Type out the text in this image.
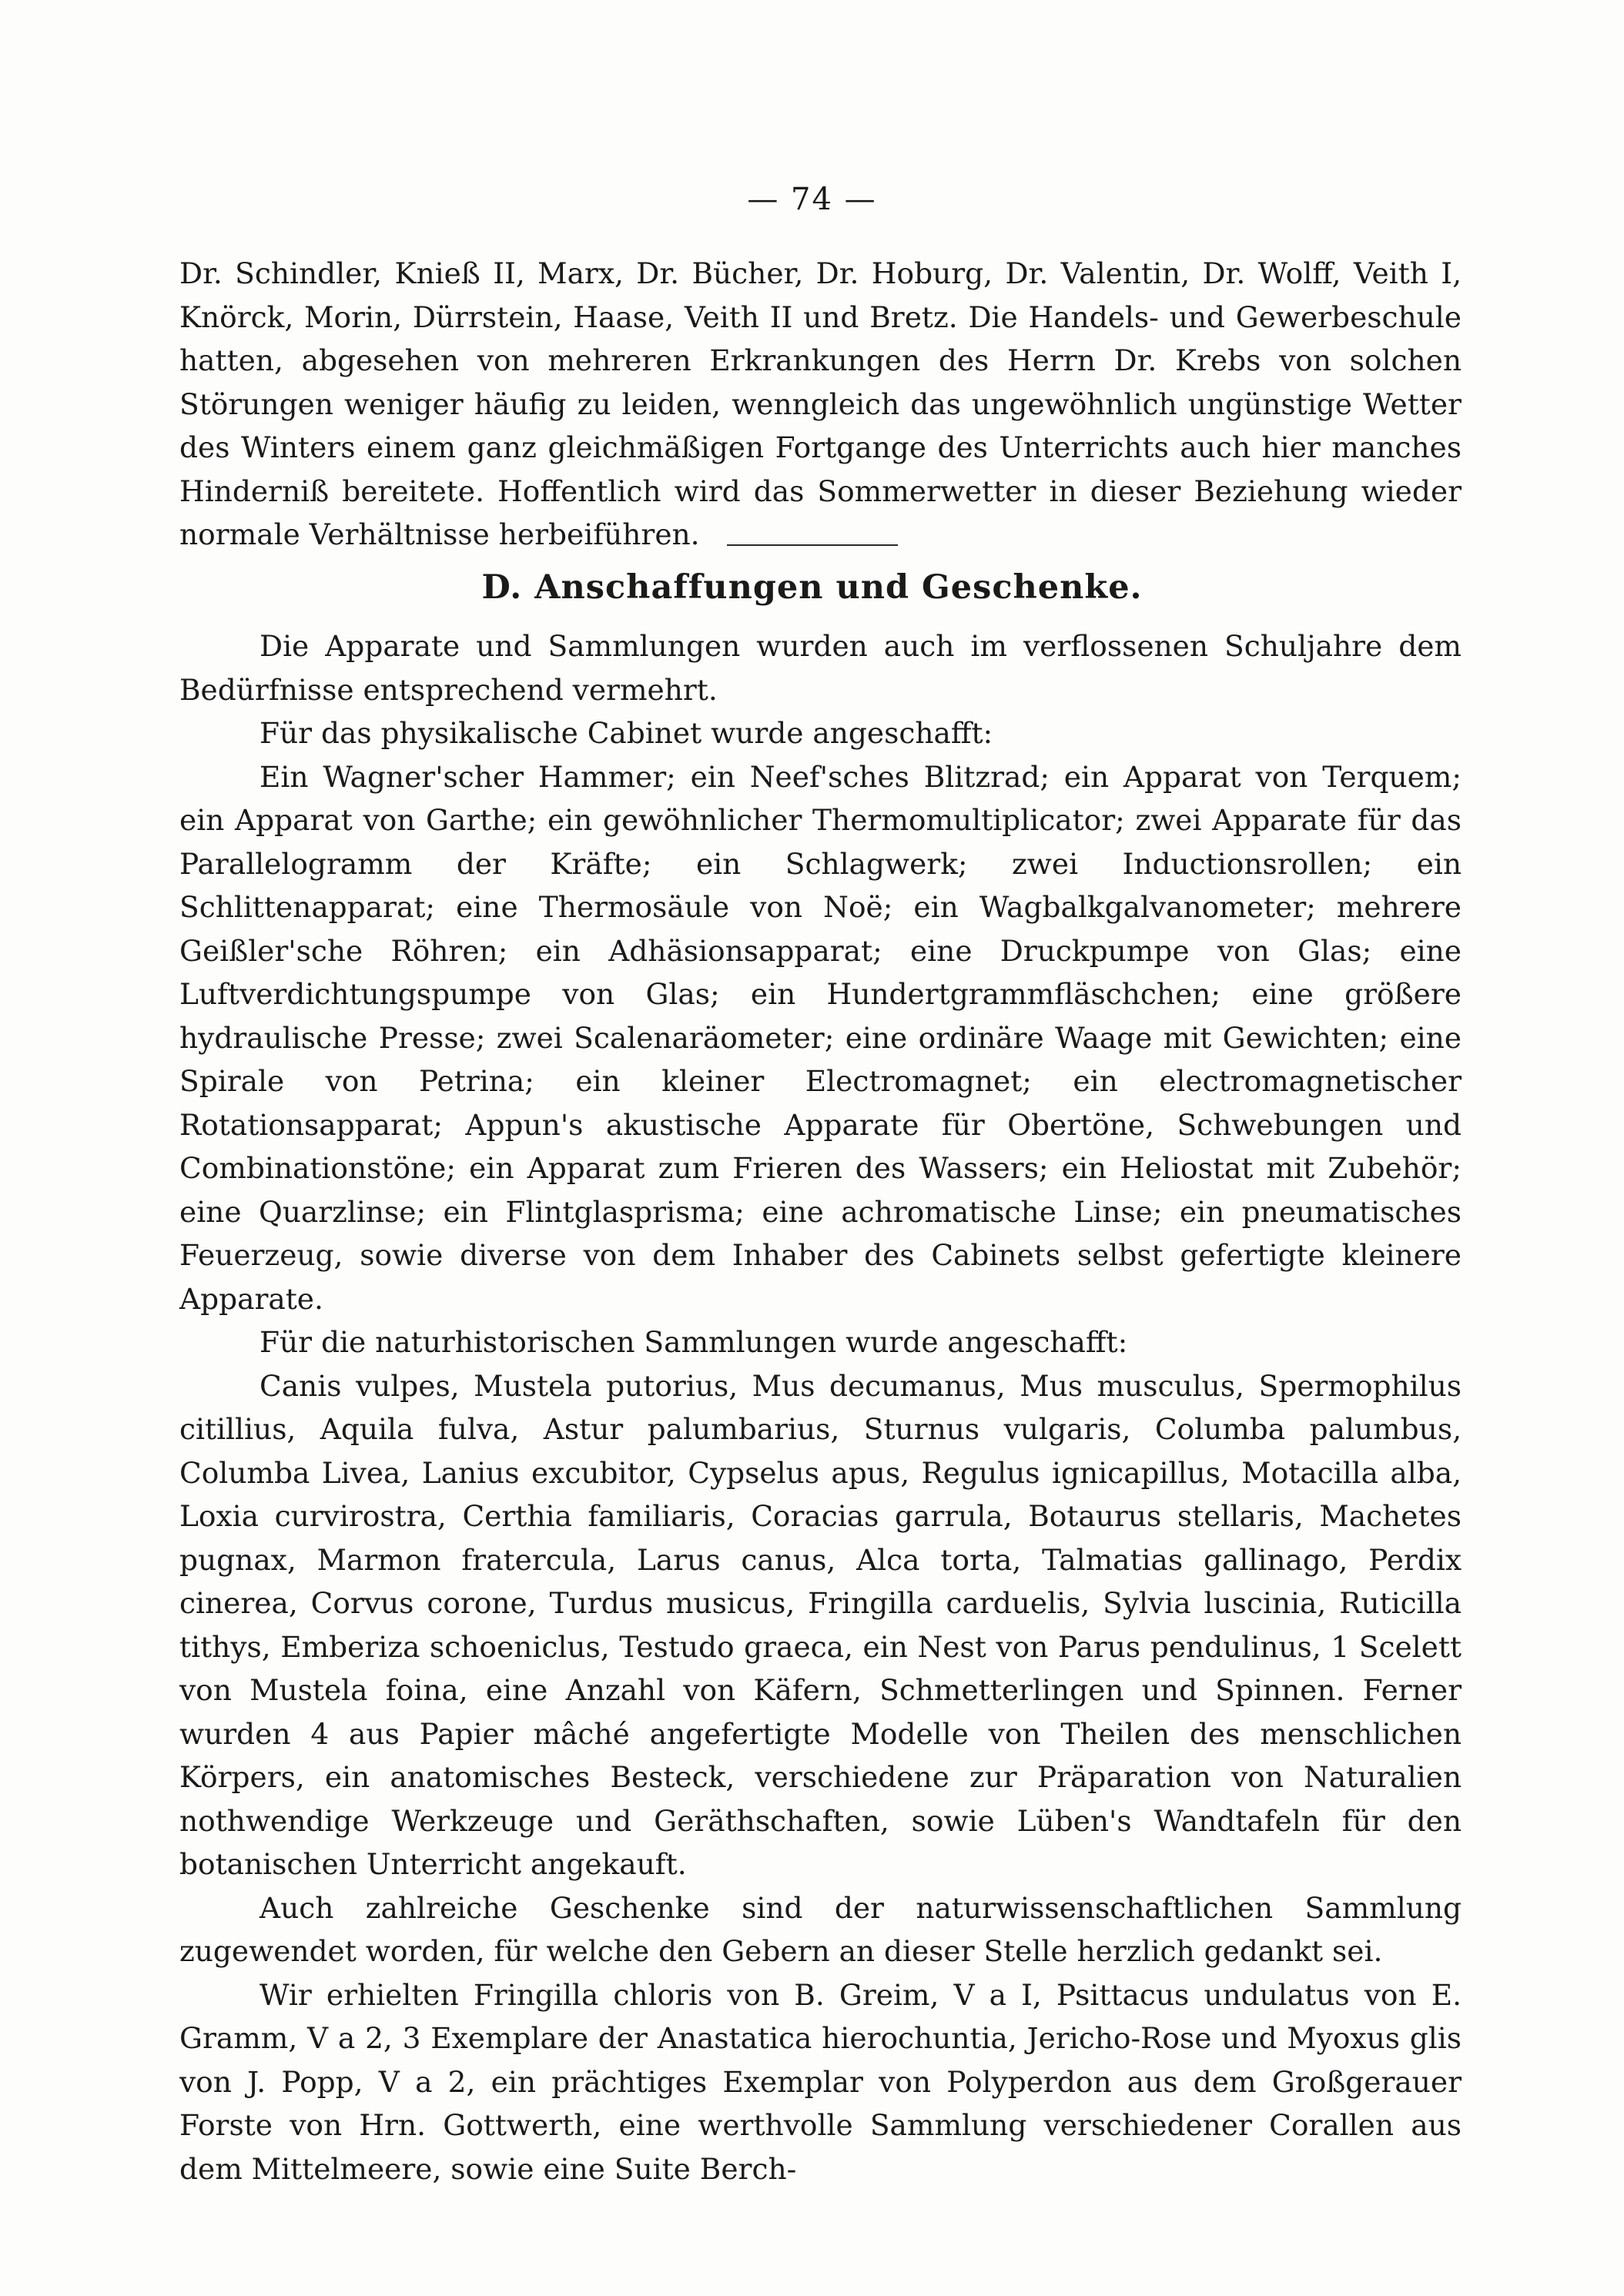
— 74 —

Dr. Schindler, Knieß II, Marx, Dr. Bücher, Dr. Hoburg, Dr. Valentin, Dr. Wolff, Veith I, Knörck, Morin, Dürrstein, Haase, Veith II und Bretz. Die Handels- und Gewerbeschule hatten, abgesehen von mehreren Erkrankungen des Herrn Dr. Krebs von solchen Störungen weniger häufig zu leiden, wenngleich das ungewöhnlich ungünstige Wetter des Winters einem ganz gleichmäßigen Fortgange des Unterrichts auch hier manches Hinderniß bereitete. Hoffentlich wird das Sommerwetter in dieser Beziehung wieder normale Verhältnisse herbeiführen.

D. Anschaffungen und Geschenke.

Die Apparate und Sammlungen wurden auch im verflossenen Schuljahre dem Bedürfnisse entsprechend vermehrt.

Für das physikalische Cabinet wurde angeschafft:

Ein Wagner'scher Hammer; ein Neef'sches Blitzrad; ein Apparat von Terquem; ein Apparat von Garthe; ein gewöhnlicher Thermomultiplicator; zwei Apparate für das Parallelogramm der Kräfte; ein Schlagwerk; zwei Inductionsrollen; ein Schlittenapparat; eine Thermosäule von Noë; ein Wagbalkgalvanometer; mehrere Geißler'sche Röhren; ein Adhäsionsapparat; eine Druckpumpe von Glas; eine Luftverdichtungspumpe von Glas; ein Hundertgrammfläschchen; eine größere hydraulische Presse; zwei Scalenaräometer; eine ordinäre Waage mit Gewichten; eine Spirale von Petrina; ein kleiner Electromagnet; ein electromagnetischer Rotationsapparat; Appun's akustische Apparate für Obertöne, Schwebungen und Combinationstöne; ein Apparat zum Frieren des Wassers; ein Heliostat mit Zubehör; eine Quarzlinse; ein Flintglasprisma; eine achromatische Linse; ein pneumatisches Feuerzeug, sowie diverse von dem Inhaber des Cabinets selbst gefertigte kleinere Apparate.

Für die naturhistorischen Sammlungen wurde angeschafft:

Canis vulpes, Mustela putorius, Mus decumanus, Mus musculus, Spermophilus citillius, Aquila fulva, Astur palumbarius, Sturnus vulgaris, Columba palumbus, Columba Livea, Lanius excubitor, Cypselus apus, Regulus ignicapillus, Motacilla alba, Loxia curvirostra, Certhia familiaris, Coracias garrula, Botaurus stellaris, Machetes pugnax, Marmon fratercula, Larus canus, Alca torta, Talmatias gallinago, Perdix cinerea, Corvus corone, Turdus musicus, Fringilla carduelis, Sylvia luscinia, Ruticilla tithys, Emberiza schoeniclus, Testudo graeca, ein Nest von Parus pendulinus, 1 Scelett von Mustela foina, eine Anzahl von Käfern, Schmetterlingen und Spinnen. Ferner wurden 4 aus Papier mâché angefertigte Modelle von Theilen des menschlichen Körpers, ein anatomisches Besteck, verschiedene zur Präparation von Naturalien nothwendige Werkzeuge und Geräthschaften, sowie Lüben's Wandtafeln für den botanischen Unterricht angekauft.

Auch zahlreiche Geschenke sind der naturwissenschaftlichen Sammlung zugewendet worden, für welche den Gebern an dieser Stelle herzlich gedankt sei.

Wir erhielten Fringilla chloris von B. Greim, V a I, Psittacus undulatus von E. Gramm, V a 2, 3 Exemplare der Anastatica hierochuntia, Jericho-Rose und Myoxus glis von J. Popp, V a 2, ein prächtiges Exemplar von Polyperdon aus dem Großgerauer Forste von Hrn. Gottwerth, eine werthvolle Sammlung verschiedener Corallen aus dem Mittelmeere, sowie eine Suite Berch-
